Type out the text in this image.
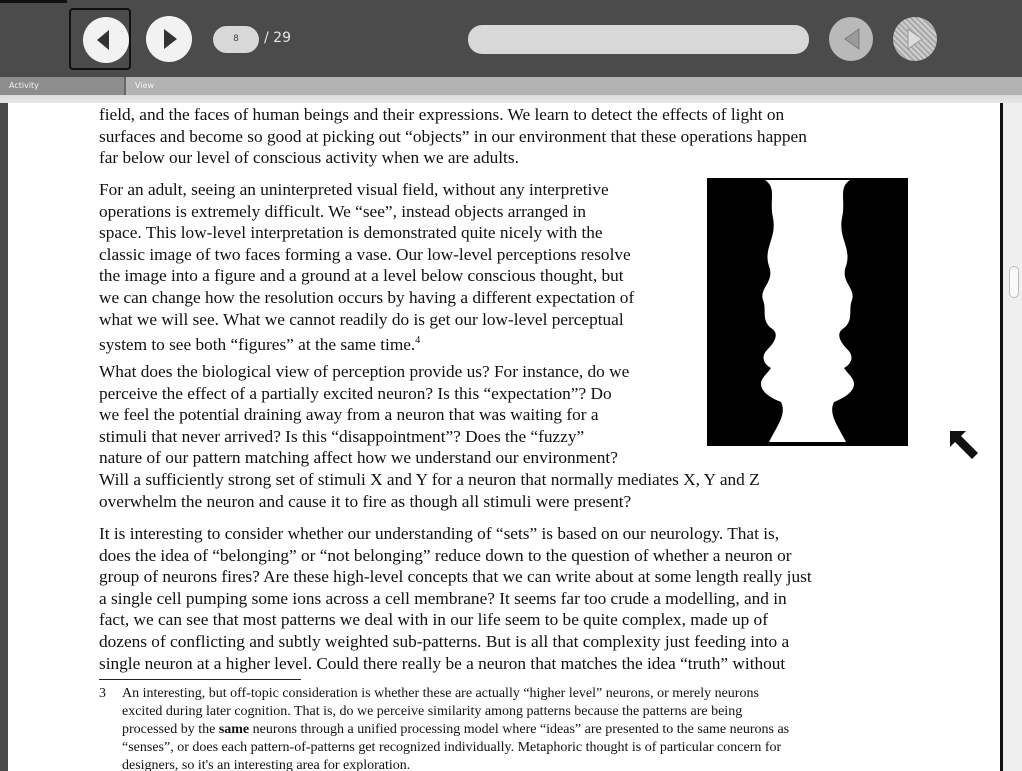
8	/ 29
Activity	View
field, and the faces of human beings and their expressions. We learn to detect the effects of light on
surfaces and become so good at picking out “objects” in our environment that these operations happen
far below our level of conscious activity when we are adults.
For an adult, seeing an uninterpreted visual field, without any interpretive
operations is extremely difficult. We “see”, instead objects arranged in
space. This low-level interpretation is demonstrated quite nicely with the
classic image of two faces forming a vase. Our low-level perceptions resolve
the image into a figure and a ground at a level below conscious thought, but
we can change how the resolution occurs by having a different expectation of
what we will see. What we cannot readily do is get our low-level perceptual
system to see both “figures” at the same time.$^4$
What does the biological view of perception provide us? For instance, do we
perceive the effect of a partially excited neuron? Is this “expectation”? Do
we feel the potential draining away from a neuron that was waiting for a
stimuli that never arrived? Is this “disappointment”? Does the “fuzzy”
nature of our pattern matching affect how we understand our environment?
Will a sufficiently strong set of stimuli X and Y for a neuron that normally mediates X, Y and Z
overwhelm the neuron and cause it to fire as though all stimuli were present?
It is interesting to consider whether our understanding of “sets” is based on our neurology. That is,
does the idea of “belonging” or “not belonging” reduce down to the question of whether a neuron or
group of neurons fires? Are these high-level concepts that we can write about at some length really just
a single cell pumping some ions across a cell membrane? It seems far too crude a modelling, and in
fact, we can see that most patterns we deal with in our life seem to be quite complex, made up of
dozens of conflicting and subtly weighted sub-patterns. But is all that complexity just feeding into a
single neuron at a higher level. Could there really be a neuron that matches the idea “truth” without
3 An interesting, but off-topic consideration is whether these are actually “higher level” neurons, or merely neurons
excited during later cognition. That is, do we perceive similarity among patterns because the patterns are being
processed by the same neurons through a unified processing model where “ideas” are presented to the same neurons as
“senses”, or does each pattern-of-patterns get recognized individually. Metaphoric thought is of particular concern for
designers, so it's an interesting area for exploration.
